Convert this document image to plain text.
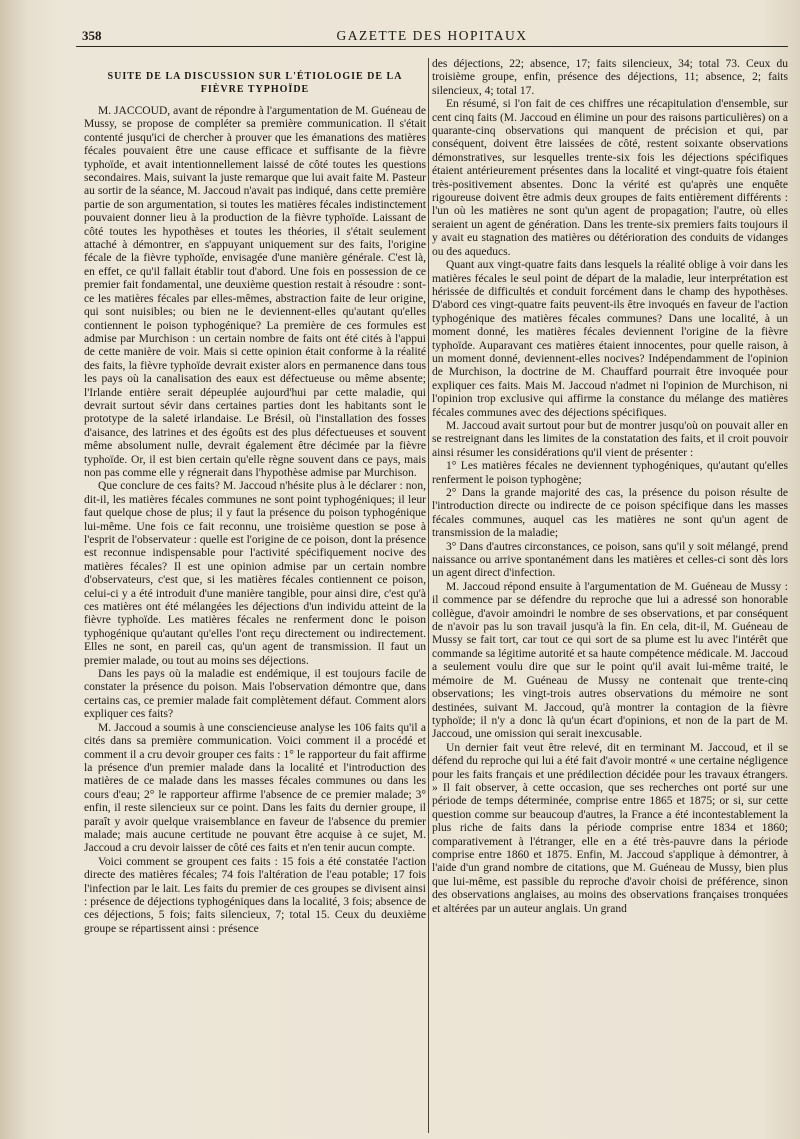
358	GAZETTE DES HOPITAUX
SUITE DE LA DISCUSSION SUR L'ÉTIOLOGIE DE LA
FIÈVRE TYPHOÏDE

M. JACCOUD, avant de répondre à l'argumentation de M. Guéneau de Mussy, se propose de compléter sa première communication. Il s'était contenté jusqu'ici de chercher à prouver que les émanations des matières fécales pouvaient être une cause efficace et suffisante de la fièvre typhoïde, et avait intentionnellement laissé de côté toutes les questions secondaires. Mais, suivant la juste remarque que lui avait faite M. Pasteur au sortir de la séance, M. Jaccoud n'avait pas indiqué, dans cette première partie de son argumentation, si toutes les matières fécales indistinctement pouvaient donner lieu à la production de la fièvre typhoïde. Laissant de côté toutes les hypothèses et toutes les théories, il s'était seulement attaché à démontrer, en s'appuyant uniquement sur des faits, l'origine fécale de la fièvre typhoïde, envisagée d'une manière générale. C'est là, en effet, ce qu'il fallait établir tout d'abord. Une fois en possession de ce premier fait fondamental, une deuxième question restait à résoudre : sont-ce les matières fécales par elles-mêmes, abstraction faite de leur origine, qui sont nuisibles; ou bien ne le deviennent-elles qu'autant qu'elles contiennent le poison typhogénique? La première de ces formules est admise par Murchison : un certain nombre de faits ont été cités à l'appui de cette manière de voir. Mais si cette opinion était conforme à la réalité des faits, la fièvre typhoïde devrait exister alors en permanence dans tous les pays où la canalisation des eaux est défectueuse ou même absente; l'Irlande entière serait dépeuplée aujourd'hui par cette maladie, qui devrait surtout sévir dans certaines parties dont les habitants sont le prototype de la saleté irlandaise. Le Brésil, où l'installation des fosses d'aisance, des latrines et des égoûts est des plus défectueuses et souvent même absolument nulle, devrait également être décimée par la fièvre typhoïde. Or, il est bien certain qu'elle règne souvent dans ce pays, mais non pas comme elle y régnerait dans l'hypothèse admise par Murchison.

Que conclure de ces faits? M. Jaccoud n'hésite plus à le déclarer : non, dit-il, les matières fécales communes ne sont point typhogéniques; il leur faut quelque chose de plus; il y faut la présence du poison typhogénique lui-même. Une fois ce fait reconnu, une troisième question se pose à l'esprit de l'observateur : quelle est l'origine de ce poison, dont la présence est reconnue indispensable pour l'activité spécifiquement nocive des matières fécales? Il est une opinion admise par un certain nombre d'observateurs, c'est que, si les matières fécales contiennent ce poison, celui-ci y a été introduit d'une manière tangible, pour ainsi dire, c'est qu'à ces matières ont été mélangées les déjections d'un individu atteint de la fièvre typhoïde. Les matières fécales ne renferment donc le poison typhogénique qu'autant qu'elles l'ont reçu directement ou indirectement. Elles ne sont, en pareil cas, qu'un agent de transmission. Il faut un premier malade, ou tout au moins ses déjections.

Dans les pays où la maladie est endémique, il est toujours facile de constater la présence du poison. Mais l'observation démontre que, dans certains cas, ce premier malade fait complètement défaut. Comment alors expliquer ces faits?

M. Jaccoud a soumis à une consciencieuse analyse les 106 faits qu'il a cités dans sa première communication. Voici comment il a procédé et comment il a cru devoir grouper ces faits : 1° le rapporteur du fait affirme la présence d'un premier malade dans la localité et l'introduction des matières de ce malade dans les masses fécales communes ou dans les cours d'eau; 2° le rapporteur affirme l'absence de ce premier malade; 3° enfin, il reste silencieux sur ce point. Dans les faits du dernier groupe, il paraît y avoir quelque vraisemblance en faveur de l'absence du premier malade; mais aucune certitude ne pouvant être acquise à ce sujet, M. Jaccoud a cru devoir laisser de côté ces faits et n'en tenir aucun compte.

Voici comment se groupent ces faits : 15 fois a été constatée l'action directe des matières fécales; 74 fois l'altération de l'eau potable; 17 fois l'infection par le lait. Les faits du premier de ces groupes se divisent ainsi : présence de déjections typhogéniques dans la localité, 3 fois; absence de ces déjections, 5 fois; faits silencieux, 7; total 15. Ceux du deuxième groupe se répartissent ainsi : présence

des déjections, 22; absence, 17; faits silencieux, 34; total 73. Ceux du troisième groupe, enfin, présence des déjections, 11; absence, 2; faits silencieux, 4; total 17.

En résumé, si l'on fait de ces chiffres une récapitulation d'ensemble, sur cent cinq faits (M. Jaccoud en élimine un pour des raisons particulières) on a quarante-cinq observations qui manquent de précision et qui, par conséquent, doivent être laissées de côté, restent soixante observations démonstratives, sur lesquelles trente-six fois les déjections spécifiques étaient antérieurement présentes dans la localité et vingt-quatre fois étaient très-positivement absentes. Donc la vérité est qu'après une enquête rigoureuse doivent être admis deux groupes de faits entièrement différents : l'un où les matières ne sont qu'un agent de propagation; l'autre, où elles seraient un agent de génération. Dans les trente-six premiers faits toujours il y avait eu stagnation des matières ou détérioration des conduits de vidanges ou des aqueducs.

Quant aux vingt-quatre faits dans lesquels la réalité oblige à voir dans les matières fécales le seul point de départ de la maladie, leur interprétation est hérissée de difficultés et conduit forcément dans le champ des hypothèses. D'abord ces vingt-quatre faits peuvent-ils être invoqués en faveur de l'action typhogénique des matières fécales communes? Dans une localité, à un moment donné, les matières fécales deviennent l'origine de la fièvre typhoïde. Auparavant ces matières étaient innocentes, pour quelle raison, à un moment donné, deviennent-elles nocives? Indépendamment de l'opinion de Murchison, la doctrine de M. Chauffard pourrait être invoquée pour expliquer ces faits. Mais M. Jaccoud n'admet ni l'opinion de Murchison, ni l'opinion trop exclusive qui affirme la constance du mélange des matières fécales communes avec des déjections spécifiques.

M. Jaccoud avait surtout pour but de montrer jusqu'où on pouvait aller en se restreignant dans les limites de la constatation des faits, et il croit pouvoir ainsi résumer les considérations qu'il vient de présenter :

1° Les matières fécales ne deviennent typhogéniques, qu'autant qu'elles renferment le poison typhogène;

2° Dans la grande majorité des cas, la présence du poison résulte de l'introduction directe ou indirecte de ce poison spécifique dans les masses fécales communes, auquel cas les matières ne sont qu'un agent de transmission de la maladie;

3° Dans d'autres circonstances, ce poison, sans qu'il y soit mélangé, prend naissance ou arrive spontanément dans les matières et celles-ci sont dès lors un agent direct d'infection.

M. Jaccoud répond ensuite à l'argumentation de M. Guéneau de Mussy : il commence par se défendre du reproche que lui a adressé son honorable collègue, d'avoir amoindri le nombre de ses observations, et par conséquent de n'avoir pas lu son travail jusqu'à la fin. En cela, dit-il, M. Guéneau de Mussy se fait tort, car tout ce qui sort de sa plume est lu avec l'intérêt que commande sa légitime autorité et sa haute compétence médicale. M. Jaccoud a seulement voulu dire que sur le point qu'il avait lui-même traité, le mémoire de M. Guéneau de Mussy ne contenait que trente-cinq observations; les vingt-trois autres observations du mémoire ne sont destinées, suivant M. Jaccoud, qu'à montrer la contagion de la fièvre typhoïde; il n'y a donc là qu'un écart d'opinions, et non de la part de M. Jaccoud, une omission qui serait inexcusable.

Un dernier fait veut être relevé, dit en terminant M. Jaccoud, et il se défend du reproche qui lui a été fait d'avoir montré « une certaine négligence pour les faits français et une prédilection décidée pour les travaux étrangers. » Il fait observer, à cette occasion, que ses recherches ont porté sur une période de temps déterminée, comprise entre 1865 et 1875; or si, sur cette question comme sur beaucoup d'autres, la France a été incontestablement la plus riche de faits dans la période comprise entre 1834 et 1860; comparativement à l'étranger, elle en a été très-pauvre dans la période comprise entre 1860 et 1875. Enfin, M. Jaccoud s'applique à démontrer, à l'aide d'un grand nombre de citations, que M. Guéneau de Mussy, bien plus que lui-même, est passible du reproche d'avoir choisi de préférence, sinon des observations anglaises, au moins des observations françaises tronquées et altérées par un auteur anglais. Un grand
